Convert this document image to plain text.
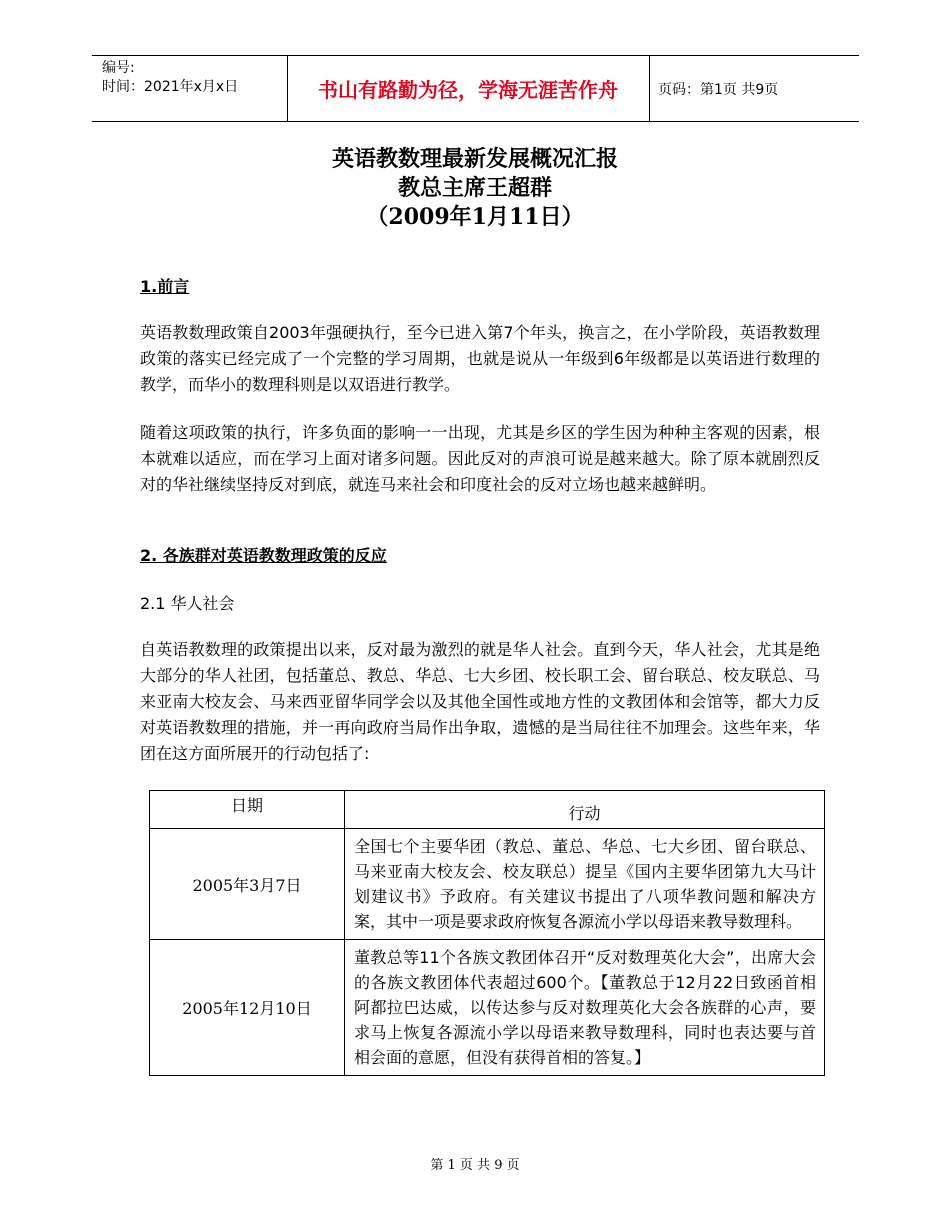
编号:
时间：2021年x月x日	书山有路勤为径，学海无涯苦作舟	页码：第1页 共9页
英语教数理最新发展概况汇报
教总主席王超群
（2009年1月11日）
1.前言
英语教数理政策自2003年强硬执行，至今已进入第7个年头，换言之，在小学阶段，英语教数理政策的落实已经完成了一个完整的学习周期，也就是说从一年级到6年级都是以英语进行数理的教学，而华小的数理科则是以双语进行教学。
随着这项政策的执行，许多负面的影响一一出现，尤其是乡区的学生因为种种主客观的因素，根本就难以适应，而在学习上面对诸多问题。因此反对的声浪可说是越来越大。除了原本就剧烈反对的华社继续坚持反对到底，就连马来社会和印度社会的反对立场也越来越鲜明。
2. 各族群对英语教数理政策的反应
2.1 华人社会
自英语教数理的政策提出以来，反对最为激烈的就是华人社会。直到今天，华人社会，尤其是绝大部分的华人社团，包括董总、教总、华总、七大乡团、校长职工会、留台联总、校友联总、马来亚南大校友会、马来西亚留华同学会以及其他全国性或地方性的文教团体和会馆等，都大力反对英语教数理的措施，并一再向政府当局作出争取，遗憾的是当局往往不加理会。这些年来，华团在这方面所展开的行动包括了:
日期	行动

2005年3月7日	全国七个主要华团（教总、董总、华总、七大乡团、留台联总、马来亚南大校友会、校友联总）提呈《国内主要华团第九大马计划建议书》予政府。有关建议书提出了八项华教问题和解决方案，其中一项是要求政府恢复各源流小学以母语来教导数理科。
2005年12月10日	董教总等11个各族文教团体召开“反对数理英化大会”，出席大会的各族文教团体代表超过600个。【董教总于12月22日致函首相阿都拉巴达威，以传达参与反对数理英化大会各族群的心声，要求马上恢复各源流小学以母语来教导数理科，同时也表达要与首相会面的意愿，但没有获得首相的答复。】
第 1 页 共 9 页
